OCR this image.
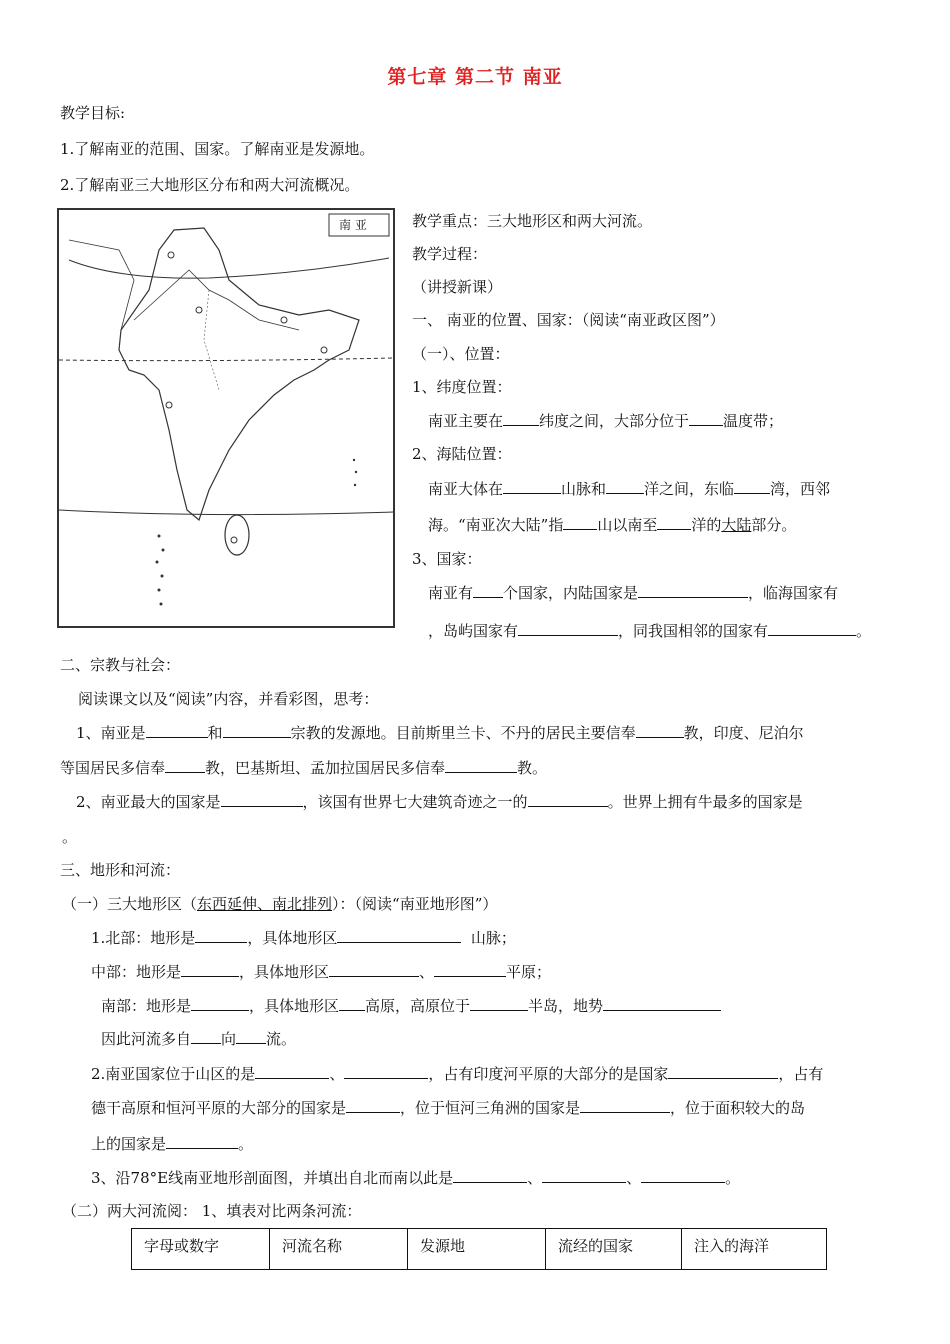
第七章 第二节 南亚
教学目标:
1.了解南亚的范围、国家。了解南亚是发源地。
2.了解南亚三大地形区分布和两大河流概况。
南 亚	教学重点：三大地形区和两大河流。
教学过程：
（讲授新课）
一、 南亚的位置、国家：（阅读“南亚政区图”）
（一）、位置：
1、纬度位置：
南亚主要在 纬度之间，大部分位于 温度带；
2、海陆位置：
南亚大体在	山脉和	洋之间，东临 湾，西邻
海。“南亚次大陆”指 山以南至 洋的大陆部分。
3、国家：
南亚有 个国家，内陆国家是	，临海国家有
，岛屿国家有	，同我国相邻的国家有	。
二、宗教与社会：
阅读课文以及“阅读”内容，并看彩图，思考：
1、南亚是	和	宗教的发源地。目前斯里兰卡、不丹的居民主要信奉	教，印度、尼泊尔
等国居民多信奉	教，巴基斯坦、孟加拉国居民多信奉	教。
2、南亚最大的国家是	，该国有世界七大建筑奇迹之一的	。世界上拥有牛最多的国家是
。
三、地形和河流：
（一）三大地形区（东西延伸、南北排列）：（阅读“南亚地形图”）
1.北部：地形是	，具体地形区	山脉；
中部：地形是	，具体地形区	、	平原；
南部：地形是	，具体地形区 高原，高原位于	半岛，地势
因此河流多自 向 流。
2.南亚国家位于山区的是	、	，占有印度河平原的大部分的是国家	，占有
德干高原和恒河平原的大部分的国家是	，位于恒河三角洲的国家是	，位于面积较大的岛
上的国家是	。
3、沿78°E线南亚地形剖面图，并填出自北而南以此是	、	、	。
（二）两大河流阅： 1、填表对比两条河流：
字母或数字	河流名称	发源地	流经的国家	注入的海洋
